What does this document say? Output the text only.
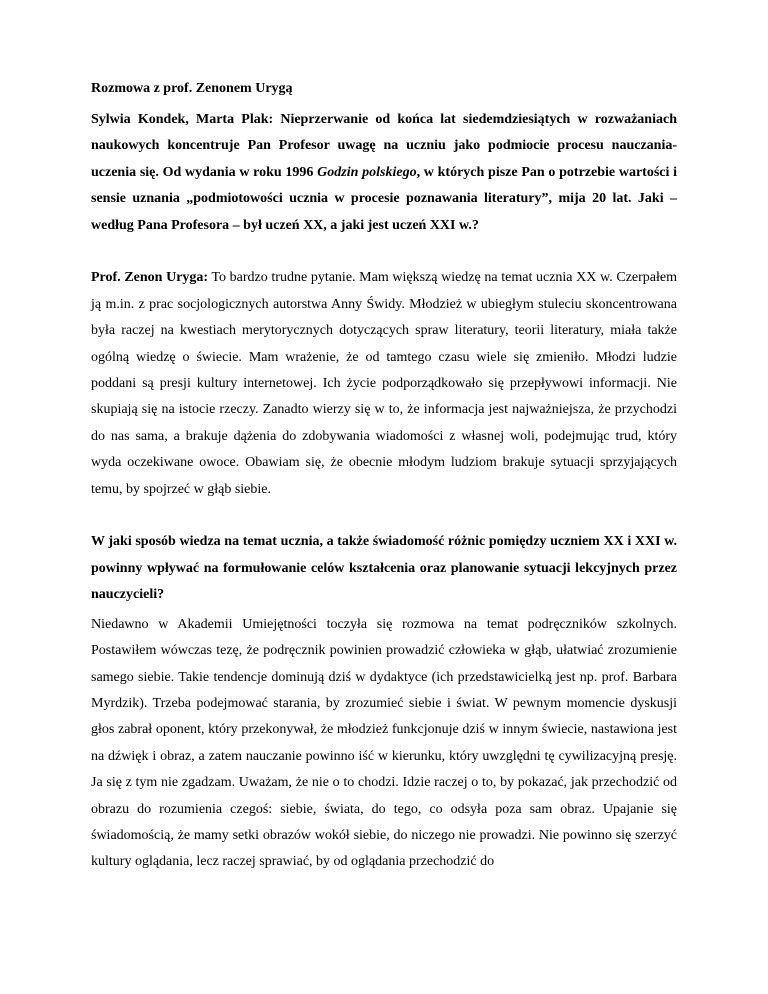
Rozmowa z prof. Zenonem Urygą

Sylwia Kondek, Marta Plak: Nieprzerwanie od końca lat siedemdziesiątych w rozważaniach naukowych koncentruje Pan Profesor uwagę na uczniu jako podmiocie procesu nauczania-uczenia się. Od wydania w roku 1996 Godzin polskiego, w których pisze Pan o potrzebie wartości i sensie uznania „podmiotowości ucznia w procesie poznawania literatury”, mija 20 lat. Jaki – według Pana Profesora – był uczeń XX, a jaki jest uczeń XXI w.?

Prof. Zenon Uryga: To bardzo trudne pytanie. Mam większą wiedzę na temat ucznia XX w. Czerpałem ją m.in. z prac socjologicznych autorstwa Anny Świdy. Młodzież w ubiegłym stuleciu skoncentrowana była raczej na kwestiach merytorycznych dotyczących spraw literatury, teorii literatury, miała także ogólną wiedzę o świecie. Mam wrażenie, że od tamtego czasu wiele się zmieniło. Młodzi ludzie poddani są presji kultury internetowej. Ich życie podporządkowało się przepływowi informacji. Nie skupiają się na istocie rzeczy. Zanadto wierzy się w to, że informacja jest najważniejsza, że przychodzi do nas sama, a brakuje dążenia do zdobywania wiadomości z własnej woli, podejmując trud, który wyda oczekiwane owoce. Obawiam się, że obecnie młodym ludziom brakuje sytuacji sprzyjających temu, by spojrzeć w głąb siebie.

W jaki sposób wiedza na temat ucznia, a także świadomość różnic pomiędzy uczniem XX i XXI w. powinny wpływać na formułowanie celów kształcenia oraz planowanie sytuacji lekcyjnych przez nauczycieli?

Niedawno w Akademii Umiejętności toczyła się rozmowa na temat podręczników szkolnych. Postawiłem wówczas tezę, że podręcznik powinien prowadzić człowieka w głąb, ułatwiać zrozumienie samego siebie. Takie tendencje dominują dziś w dydaktyce (ich przedstawicielką jest np. prof. Barbara Myrdzik). Trzeba podejmować starania, by zrozumieć siebie i świat. W pewnym momencie dyskusji głos zabrał oponent, który przekonywał, że młodzież funkcjonuje dziś w innym świecie, nastawiona jest na dźwięk i obraz, a zatem nauczanie powinno iść w kierunku, który uwzględni tę cywilizacyjną presję. Ja się z tym nie zgadzam. Uważam, że nie o to chodzi. Idzie raczej o to, by pokazać, jak przechodzić od obrazu do rozumienia czegoś: siebie, świata, do tego, co odsyła poza sam obraz. Upajanie się świadomością, że mamy setki obrazów wokół siebie, do niczego nie prowadzi. Nie powinno się szerzyć kultury oglądania, lecz raczej sprawiać, by od oglądania przechodzić do
